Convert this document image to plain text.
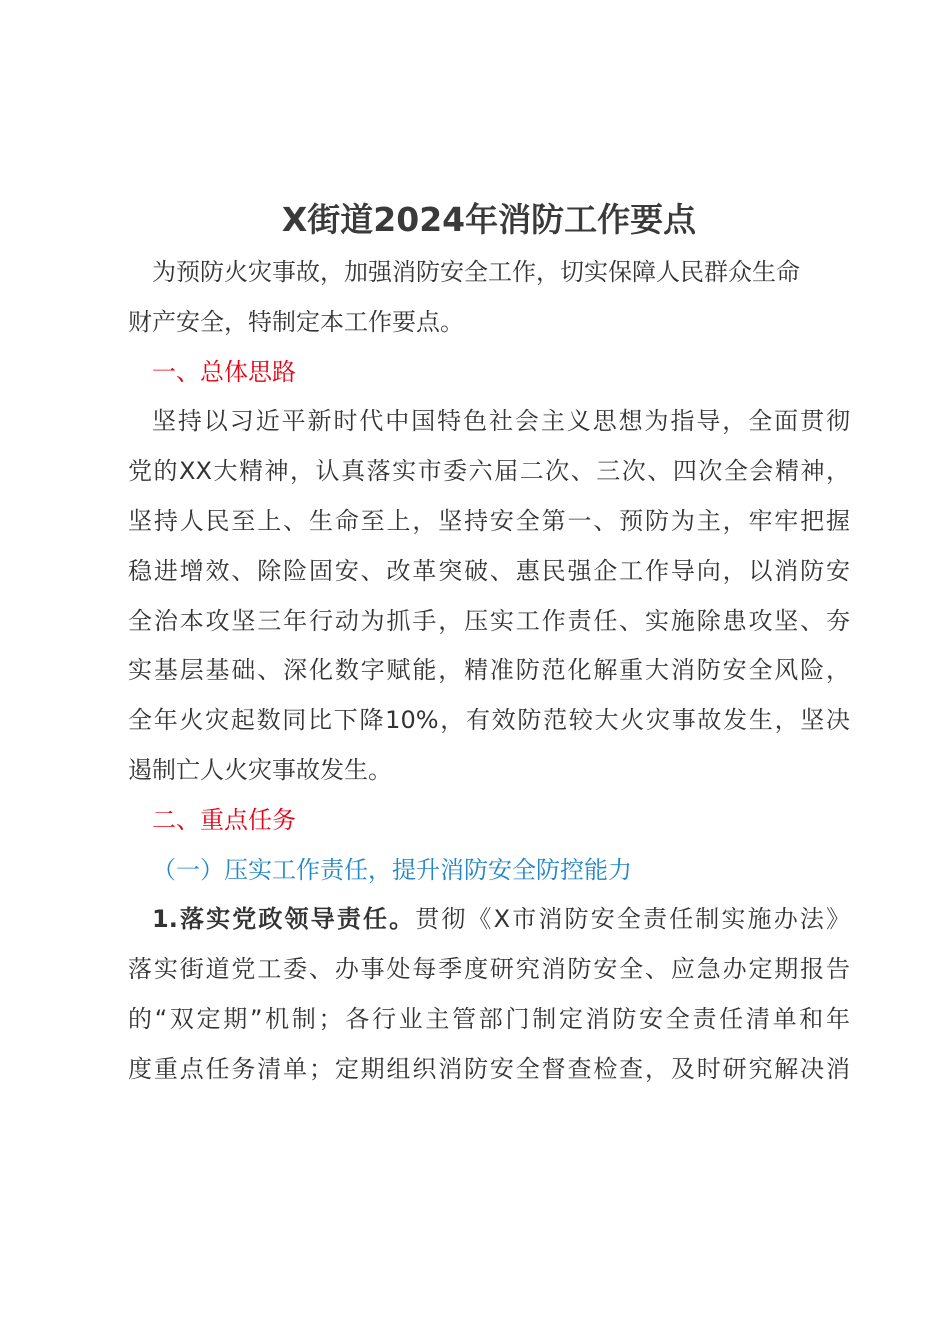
X街道2024年消防工作要点

为预防火灾事故，加强消防安全工作，切实保障人民群众生命

财产安全，特制定本工作要点。

一、总体思路

坚持以习近平新时代中国特色社会主义思想为指导，全面贯彻

党的XX大精神，认真落实市委六届二次、三次、四次全会精神，

坚持人民至上、生命至上，坚持安全第一、预防为主，牢牢把握

稳进增效、除险固安、改革突破、惠民强企工作导向，以消防安

全治本攻坚三年行动为抓手，压实工作责任、实施除患攻坚、夯

实基层基础、深化数字赋能，精准防范化解重大消防安全风险，

全年火灾起数同比下降10%，有效防范较大火灾事故发生，坚决

遏制亡人火灾事故发生。

二、重点任务

（一）压实工作责任，提升消防安全防控能力

1.落实党政领导责任。贯彻《X市消防安全责任制实施办法》

落实街道党工委、办事处每季度研究消防安全、应急办定期报告

的“双定期”机制；各行业主管部门制定消防安全责任清单和年

度重点任务清单；定期组织消防安全督查检查，及时研究解决消
